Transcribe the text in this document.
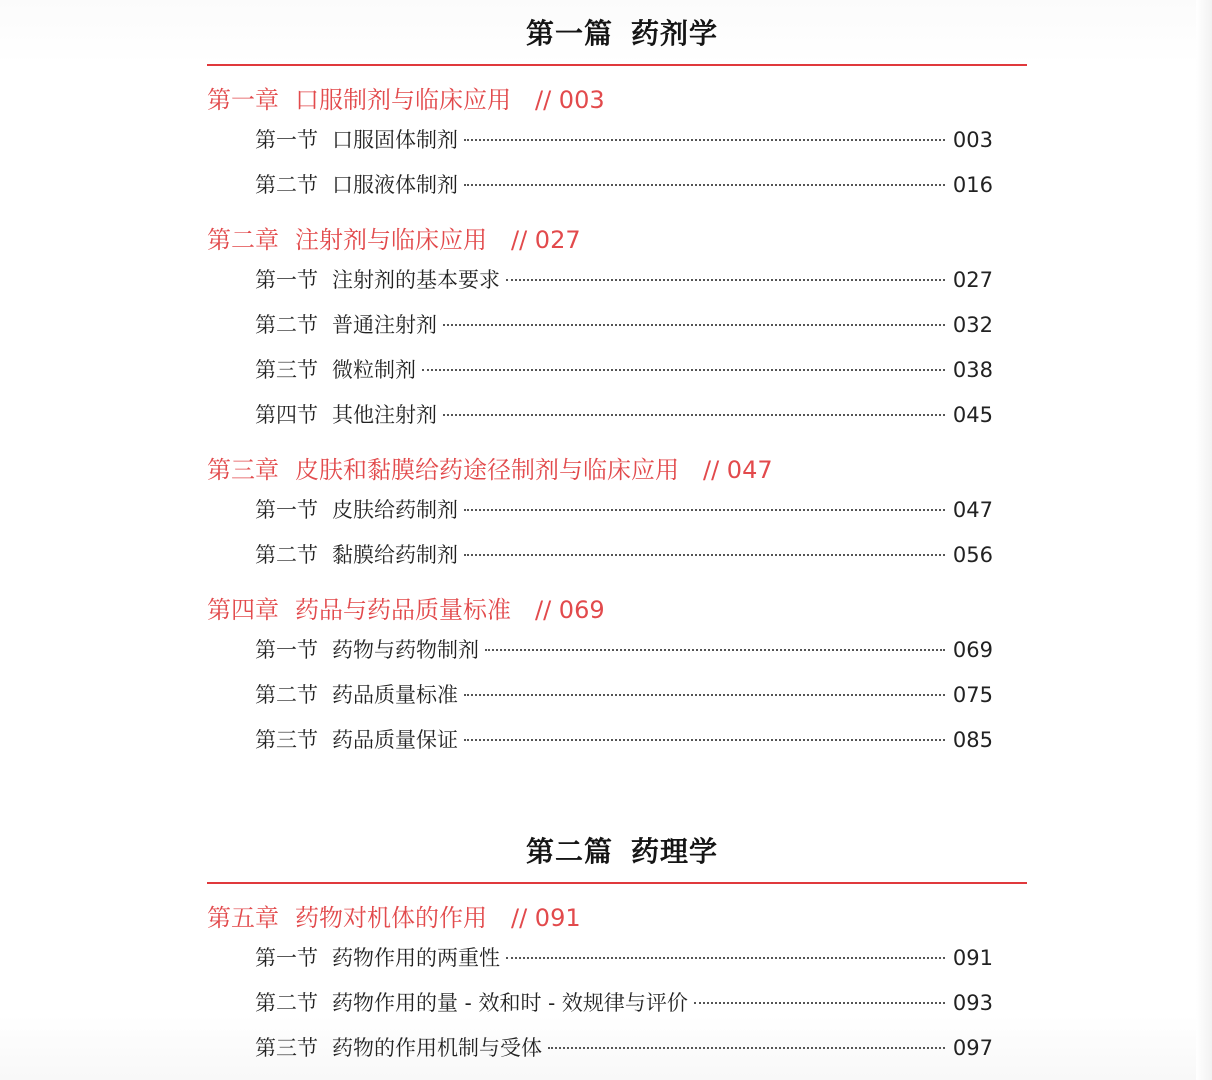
第一篇 药剂学
第一章 口服制剂与临床应用 // 003
第一节 口服固体制剂	003
第二节 口服液体制剂	016
第二章 注射剂与临床应用 // 027
第一节 注射剂的基本要求	027
第二节 普通注射剂	032
第三节 微粒制剂	038
第四节 其他注射剂	045
第三章 皮肤和黏膜给药途径制剂与临床应用 // 047
第一节 皮肤给药制剂	047
第二节 黏膜给药制剂	056
第四章 药品与药品质量标准 // 069
第一节 药物与药物制剂	069
第二节 药品质量标准	075
第三节 药品质量保证	085
第二篇 药理学
第五章 药物对机体的作用 // 091
第一节 药物作用的两重性	091
第二节 药物作用的量 - 效和时 - 效规律与评价	093
第三节 药物的作用机制与受体	097
